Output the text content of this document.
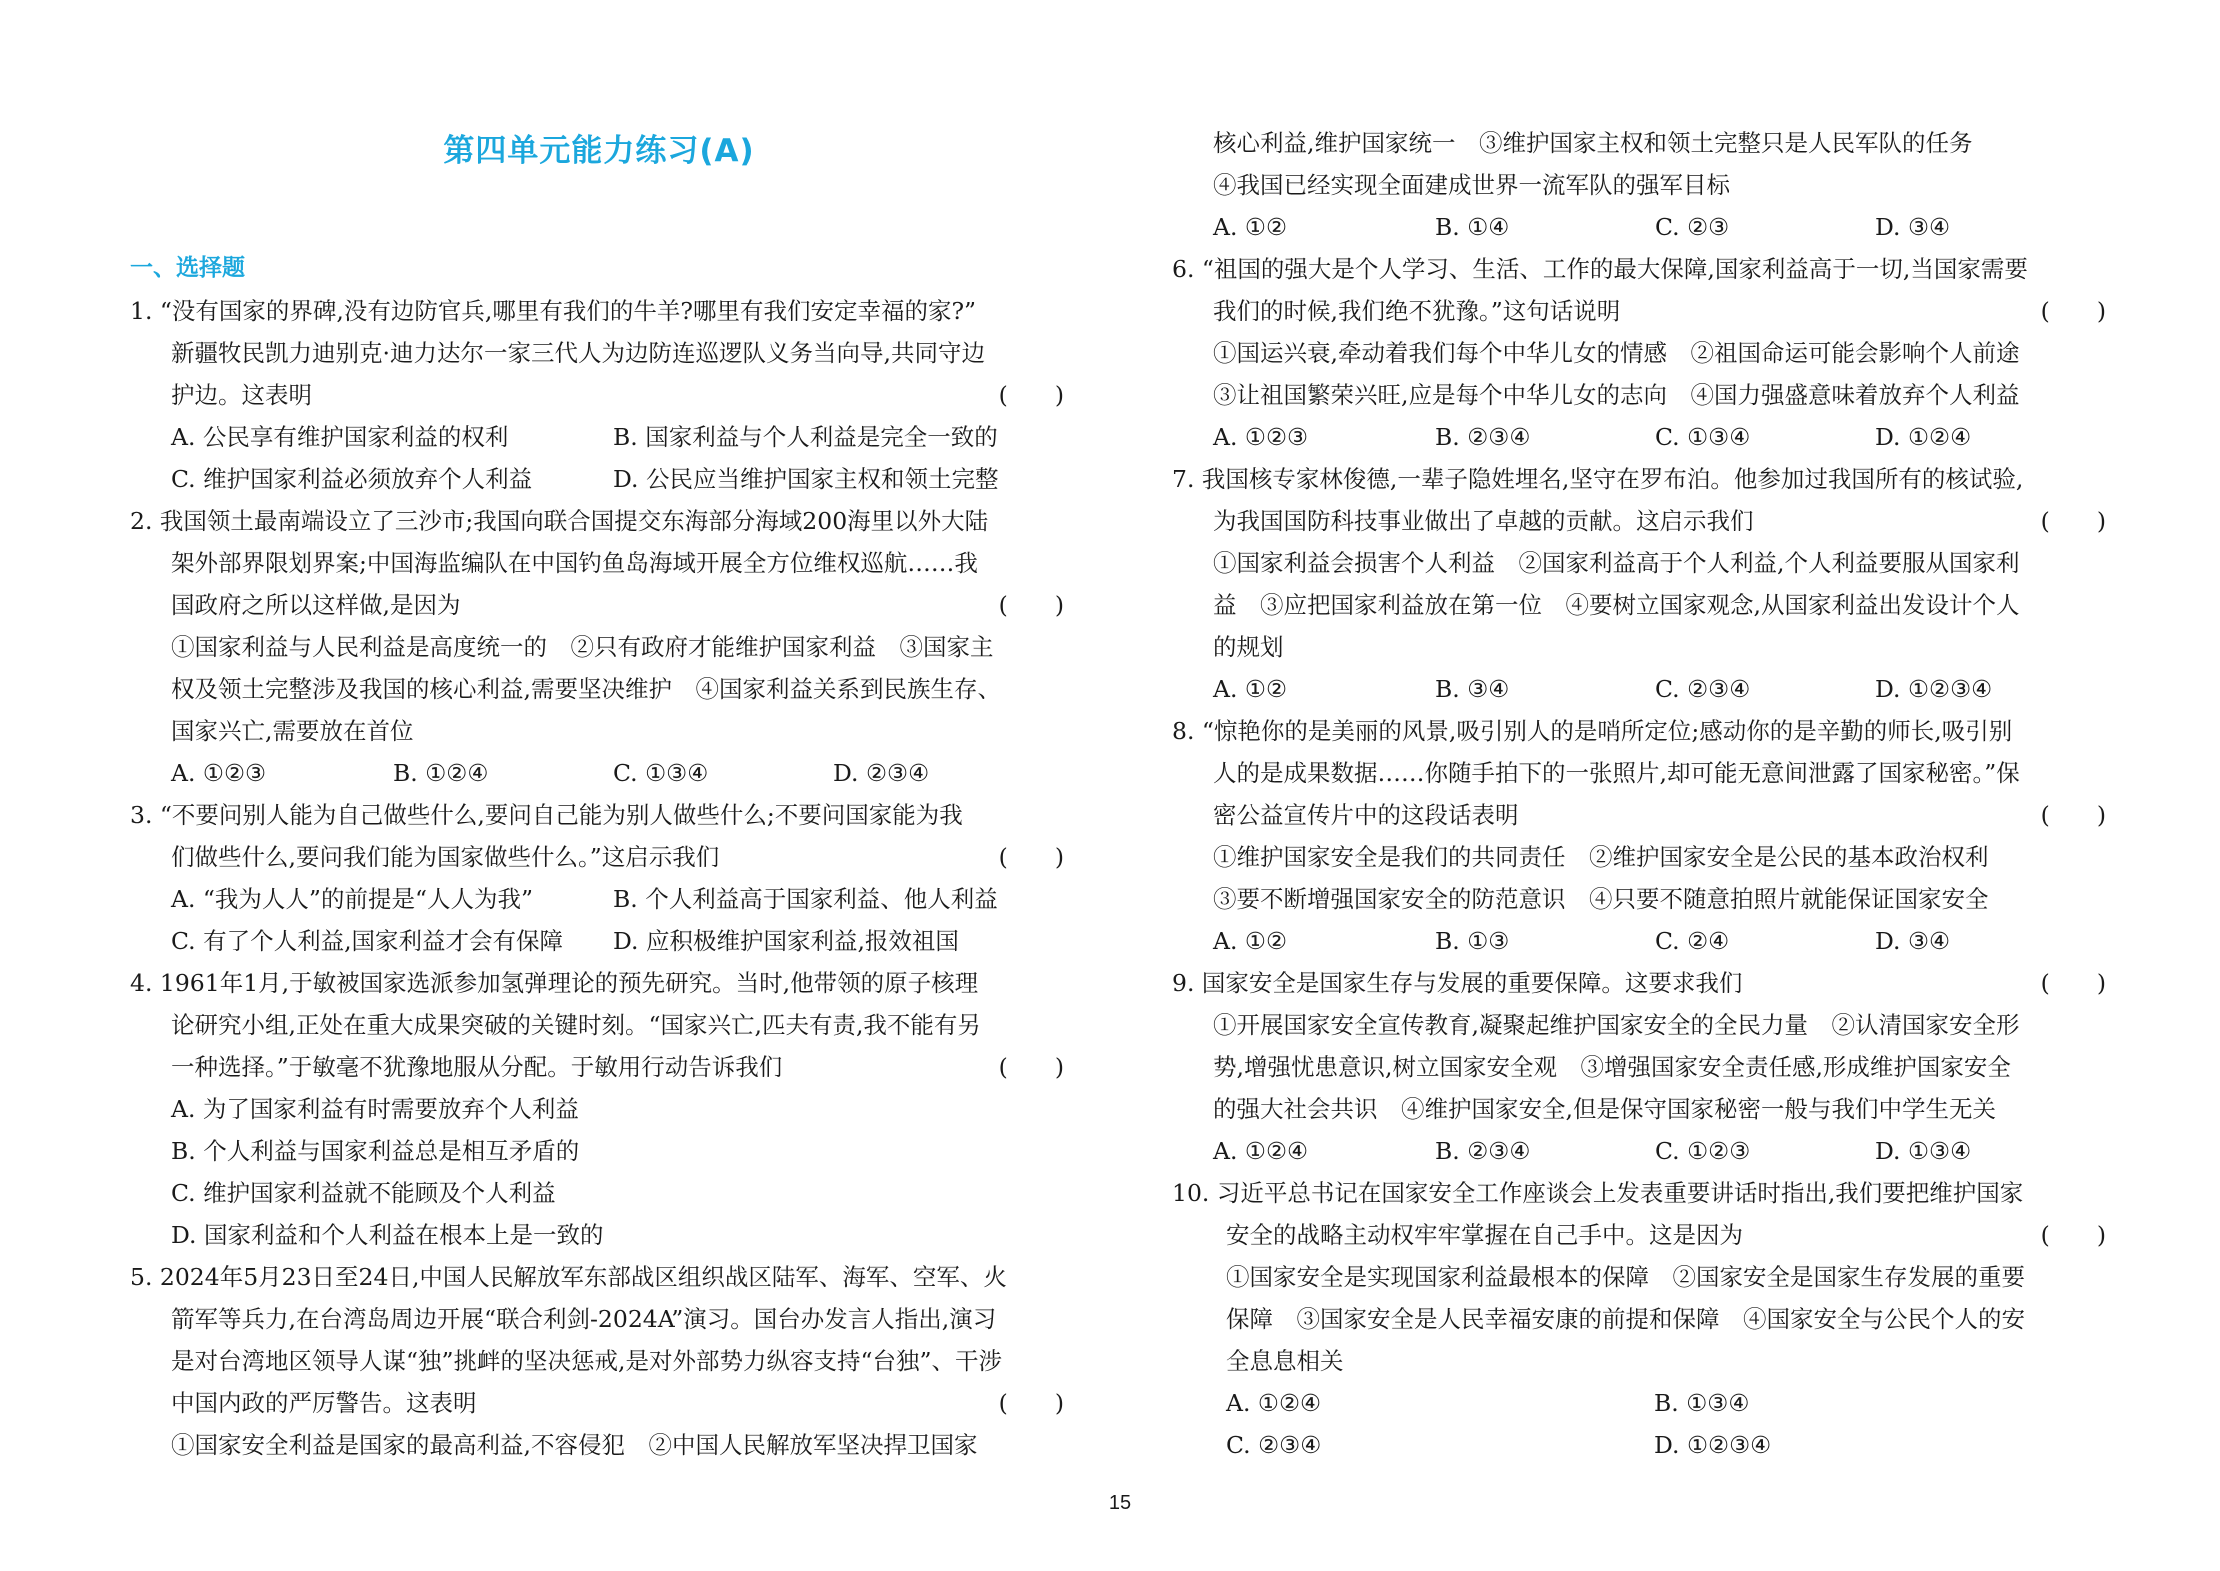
第四单元能力练习(A)
一、选择题
1. “没有国家的界碑,没有边防官兵,哪里有我们的牛羊?哪里有我们安定幸福的家?”
新疆牧民凯力迪别克·迪力达尔一家三代人为边防连巡逻队义务当向导,共同守边
护边。这表明	(　　)
A. 公民享有维护国家利益的权利	B. 国家利益与个人利益是完全一致的
C. 维护国家利益必须放弃个人利益	D. 公民应当维护国家主权和领土完整
2. 我国领土最南端设立了三沙市;我国向联合国提交东海部分海域200海里以外大陆
架外部界限划界案;中国海监编队在中国钓鱼岛海域开展全方位维权巡航……我
国政府之所以这样做,是因为	(　　)
①国家利益与人民利益是高度统一的　②只有政府才能维护国家利益　③国家主
权及领土完整涉及我国的核心利益,需要坚决维护　④国家利益关系到民族生存、
国家兴亡,需要放在首位
A. ①②③	B. ①②④	C. ①③④	D. ②③④
3. “不要问别人能为自己做些什么,要问自己能为别人做些什么;不要问国家能为我
们做些什么,要问我们能为国家做些什么。”这启示我们	(　　)
A. “我为人人”的前提是“人人为我”	B. 个人利益高于国家利益、他人利益
C. 有了个人利益,国家利益才会有保障 D. 应积极维护国家利益,报效祖国
4. 1961年1月,于敏被国家选派参加氢弹理论的预先研究。当时,他带领的原子核理
论研究小组,正处在重大成果突破的关键时刻。“国家兴亡,匹夫有责,我不能有另
一种选择。”于敏毫不犹豫地服从分配。于敏用行动告诉我们	(　　)
A. 为了国家利益有时需要放弃个人利益
B. 个人利益与国家利益总是相互矛盾的
C. 维护国家利益就不能顾及个人利益
D. 国家利益和个人利益在根本上是一致的
5. 2024年5月23日至24日,中国人民解放军东部战区组织战区陆军、海军、空军、火
箭军等兵力,在台湾岛周边开展“联合利剑-2024A”演习。国台办发言人指出,演习
是对台湾地区领导人谋“独”挑衅的坚决惩戒,是对外部势力纵容支持“台独”、干涉
中国内政的严厉警告。这表明	(　　)
①国家安全利益是国家的最高利益,不容侵犯　②中国人民解放军坚决捍卫国家
核心利益,维护国家统一　③维护国家主权和领土完整只是人民军队的任务
④我国已经实现全面建成世界一流军队的强军目标
A. ①②	B. ①④	C. ②③	D. ③④
6. “祖国的强大是个人学习、生活、工作的最大保障,国家利益高于一切,当国家需要
我们的时候,我们绝不犹豫。”这句话说明	(　　)
①国运兴衰,牵动着我们每个中华儿女的情感　②祖国命运可能会影响个人前途
③让祖国繁荣兴旺,应是每个中华儿女的志向　④国力强盛意味着放弃个人利益
A. ①②③	B. ②③④	C. ①③④	D. ①②④
7. 我国核专家林俊德,一辈子隐姓埋名,坚守在罗布泊。他参加过我国所有的核试验,
为我国国防科技事业做出了卓越的贡献。这启示我们	(　　)
①国家利益会损害个人利益　②国家利益高于个人利益,个人利益要服从国家利
益　③应把国家利益放在第一位　④要树立国家观念,从国家利益出发设计个人
的规划
A. ①②	B. ③④	C. ②③④	D. ①②③④
8. “惊艳你的是美丽的风景,吸引别人的是哨所定位;感动你的是辛勤的师长,吸引别
人的是成果数据……你随手拍下的一张照片,却可能无意间泄露了国家秘密。”保
密公益宣传片中的这段话表明	(　　)
①维护国家安全是我们的共同责任　②维护国家安全是公民的基本政治权利
③要不断增强国家安全的防范意识　④只要不随意拍照片就能保证国家安全
A. ①②	B. ①③	C. ②④	D. ③④
9. 国家安全是国家生存与发展的重要保障。这要求我们	(　　)
①开展国家安全宣传教育,凝聚起维护国家安全的全民力量　②认清国家安全形
势,增强忧患意识,树立国家安全观　③增强国家安全责任感,形成维护国家安全
的强大社会共识　④维护国家安全,但是保守国家秘密一般与我们中学生无关
A. ①②④	B. ②③④	C. ①②③	D. ①③④
10. 习近平总书记在国家安全工作座谈会上发表重要讲话时指出,我们要把维护国家
安全的战略主动权牢牢掌握在自己手中。这是因为	(　　)
①国家安全是实现国家利益最根本的保障　②国家安全是国家生存发展的重要
保障　③国家安全是人民幸福安康的前提和保障　④国家安全与公民个人的安
全息息相关
A. ①②④	B. ①③④
C. ②③④	D. ①②③④
15
